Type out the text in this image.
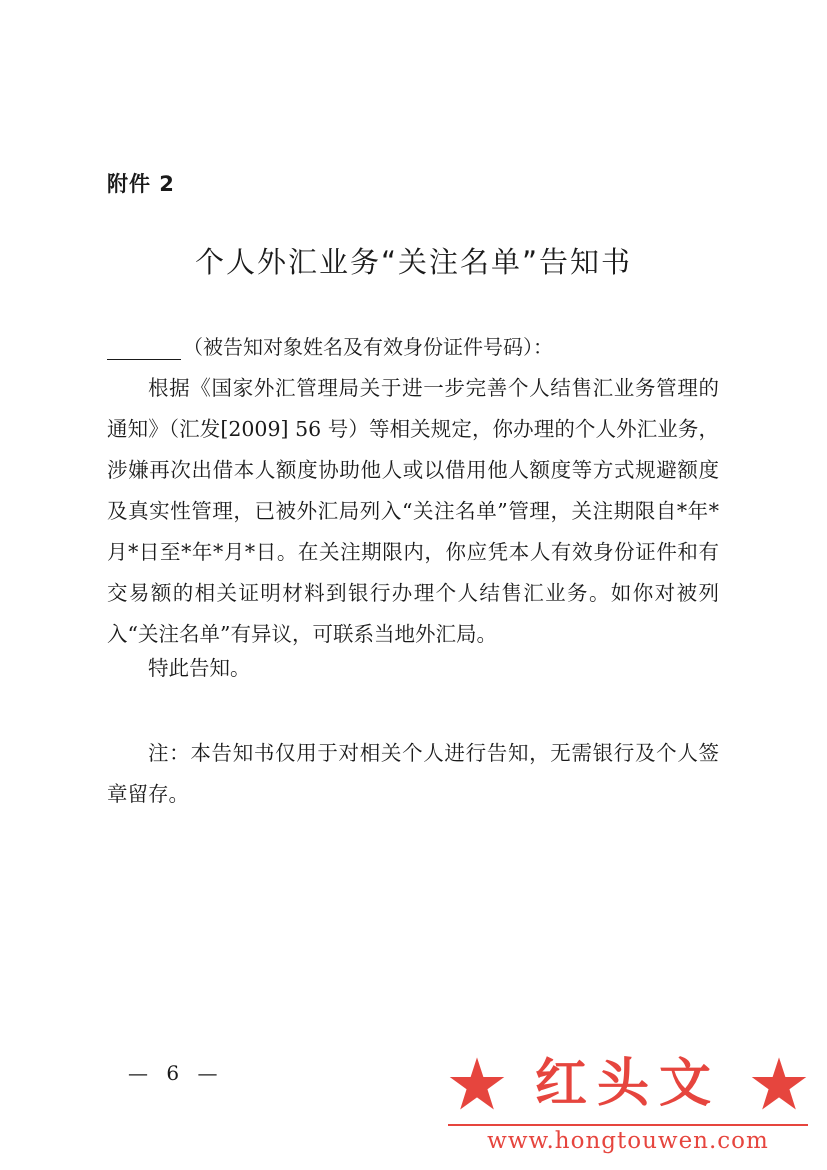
附件 2
个人外汇业务“关注名单”告知书
（被告知对象姓名及有效身份证件号码）：
根据《国家外汇管理局关于进一步完善个人结售汇业务管理的通知》（汇发[2009] 56 号）等相关规定，你办理的个人外汇业务，涉嫌再次出借本人额度协助他人或以借用他人额度等方式规避额度及真实性管理，已被外汇局列入“关注名单”管理，关注期限自*年*月*日至*年*月*日。在关注期限内，你应凭本人有效身份证件和有交易额的相关证明材料到银行办理个人结售汇业务。如你对被列入“关注名单”有异议，可联系当地外汇局。
特此告知。
注：本告知书仅用于对相关个人进行告知，无需银行及个人签章留存。
— 6 —	红头文
www.hongtouwen.com
